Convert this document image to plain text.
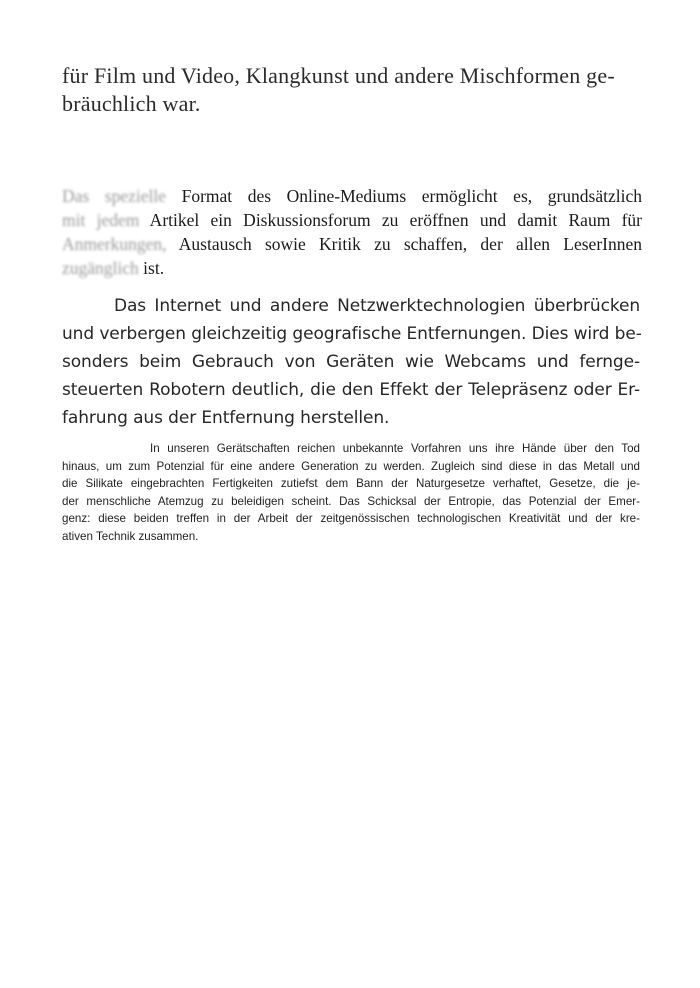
für Film und Video, Klangkunst und andere Mischformen ge-
bräuchlich war.

Das spezielle Format des Online-Mediums ermöglicht es, grundsätzlich
mit jedem Artikel ein Diskussionsforum zu eröffnen und damit Raum für
Anmerkungen, Austausch sowie Kritik zu schaffen, der allen LeserInnen
zugänglich ist.

Das Internet und andere Netzwerktechnologien überbrücken
und verbergen gleichzeitig geografische Entfernungen. Dies wird be-
sonders beim Gebrauch von Geräten wie Webcams und fernge-
steuerten Robotern deutlich, die den Effekt der Telepräsenz oder Er-
fahrung aus der Entfernung herstellen.

In unseren Gerätschaften reichen unbekannte Vorfahren uns ihre Hände über den Tod
hinaus, um zum Potenzial für eine andere Generation zu werden. Zugleich sind diese in das Metall und
die Silikate eingebrachten Fertigkeiten zutiefst dem Bann der Naturgesetze verhaftet, Gesetze, die je-
der menschliche Atemzug zu beleidigen scheint. Das Schicksal der Entropie, das Potenzial der Emer-
genz: diese beiden treffen in der Arbeit der zeitgenössischen technologischen Kreativität und der kre-
ativen Technik zusammen.
